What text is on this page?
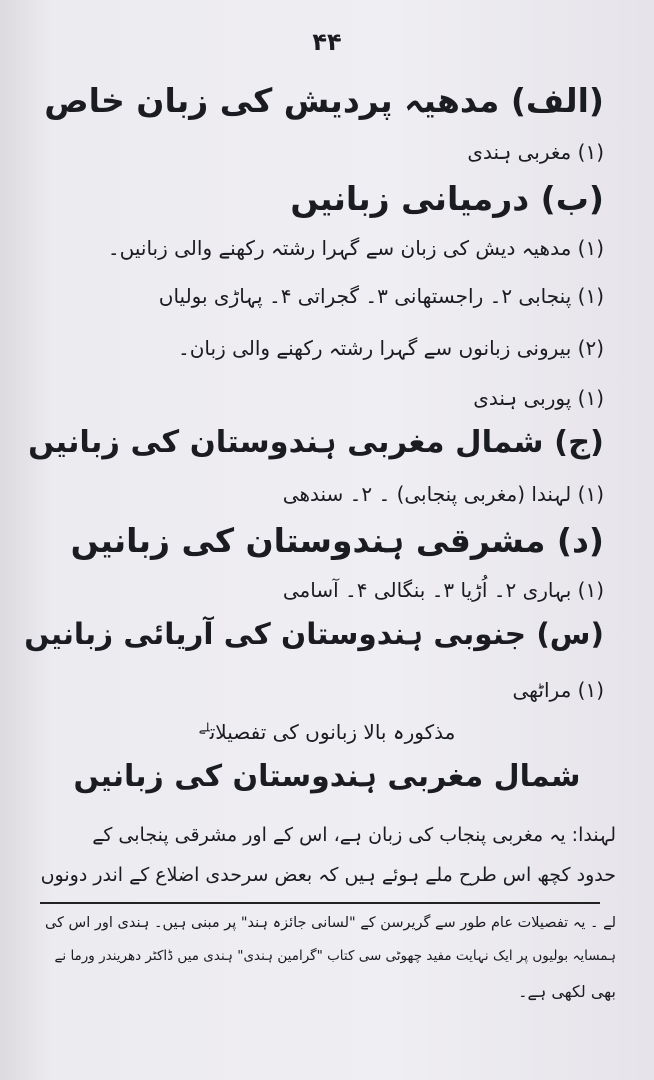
۴۴
(الف) مدھیہ پردیش کی زبان خاص
(۱) مغربی ہندی
(ب) درمیانی زبانیں
(۱) مدھیہ دیش کی زبان سے گہرا رشتہ رکھنے والی زبانیں۔
(۱) پنجابی ۲۔ راجستھانی ۳۔ گجراتی ۴۔ پہاڑی بولیاں
(۲) بیرونی زبانوں سے گہرا رشتہ رکھنے والی زبان۔
(۱) پوربی ہندی
(ج) شمال مغربی ہندوستان کی زبانیں
(۱) لہندا (مغربی پنجابی) ۔ ۲۔ سندھی
(د) مشرقی ہندوستان کی زبانیں
(۱) بہاری ۲۔ اُڑیا ۳۔ بنگالی ۴۔ آسامی
(س) جنوبی ہندوستان کی آریائی زبانیں
(۱) مراٹھی
مذکورہ بالا زبانوں کی تفصیلات$^{لے}$
شمال مغربی ہندوستان کی زبانیں
لہندا: یہ مغربی پنجاب کی زبان ہے، اس کے اور مشرقی پنجابی کے
حدود کچھ اس طرح ملے ہوئے ہیں کہ بعض سرحدی اضلاع کے اندر دونوں
لے ۔ یہ تفصیلات عام طور سے گریرسن کے "لسانی جائزہ ہند" پر مبنی ہیں۔ ہندی اور اس کی
ہمسایہ بولیوں پر ایک نہایت مفید چھوٹی سی کتاب "گرامین ہندی" ہندی میں ڈاکٹر دھریندر ورما نے
بھی لکھی ہے۔
